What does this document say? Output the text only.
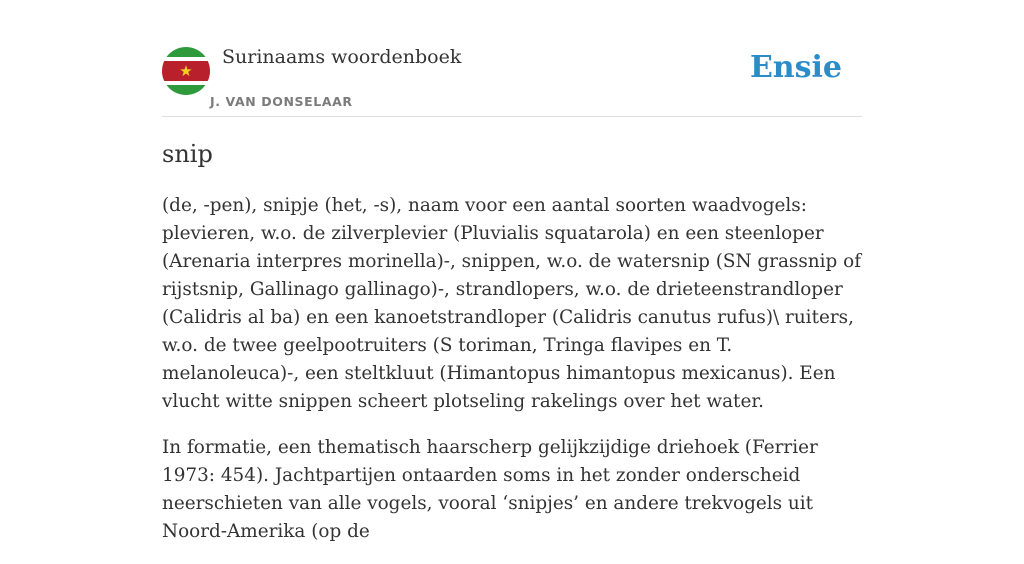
★
Surinaams woordenboek
J. VAN DONSELAAR
Ensie
snip

(de, -pen), snipje (het, -s), naam voor een aantal soorten waadvogels: plevieren, w.o. de zilverplevier (Pluvialis squatarola) en een steenloper (Arenaria interpres morinella)-, snippen, w.o. de watersnip (SN grassnip of rijstsnip, Gallinago gallinago)-, strandlopers, w.o. de drieteenstrandloper (Calidris al ba) en een kanoetstrandloper (Calidris canutus rufus)\ ruiters, w.o. de twee geelpootruiters (S toriman, Tringa flavipes en T. melanoleuca)-, een steltkluut (Himantopus himantopus mexicanus). Een vlucht witte snippen scheert plotseling rakelings over het water.

In formatie, een thematisch haarscherp gelijkzijdige driehoek (Ferrier 1973: 454). Jachtpartijen ontaarden soms in het zonder onderscheid neerschieten van alle vogels, vooral ‘snipjes’ en andere trekvogels uit Noord-Amerika (op de
